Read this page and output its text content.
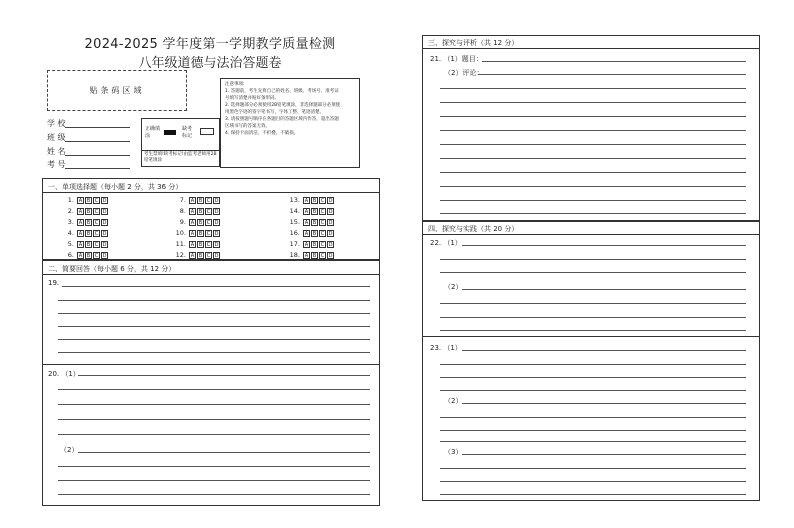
2024-2025 学年度第一学期教学质量检测
八年级道德与法治答题卷
贴条码区域
学 校
班 级
姓 名
考 号
正确填涂
缺考标记
考生禁填!缺考标记!由监考老师用2B铅笔填涂
注意事项:
1. 答题前，考生先将自己的姓名、班级、考场号、准考证
号填写清楚并贴好条形码。
2. 选择题部分必须使用2B铅笔填涂，非选择题部分必须使
用黑色字迹的签字笔书写，字体工整、笔迹清楚。
3. 请按照题号顺序在各题目的答题区域内作答，超出答题
区域书写的答案无效。
4. 保持卡面清洁，不折叠，不破损。
一、单项选择题（每小题 2 分，共 36 分）
1. A B C D
2. A B C D
3. A B C D
4. A B C D
5. A B C D
6. A B C D
7. A B C D
8. A B C D
9. A B C D
10. A B C D
11. A B C D
12. A B C D
13. A B C D
14. A B C D
15. A B C D
16. A B C D
17. A B C D
18. A B C D
二、简要回答（每小题 6 分，共 12 分）
19.
20. （1）
（2）
三、探究与评析（共 12 分）
21. （1）题目：
（2）评论：
四、探究与实践（共 20 分）
22. （1）
（2）
23. （1）
（2）
（3）
